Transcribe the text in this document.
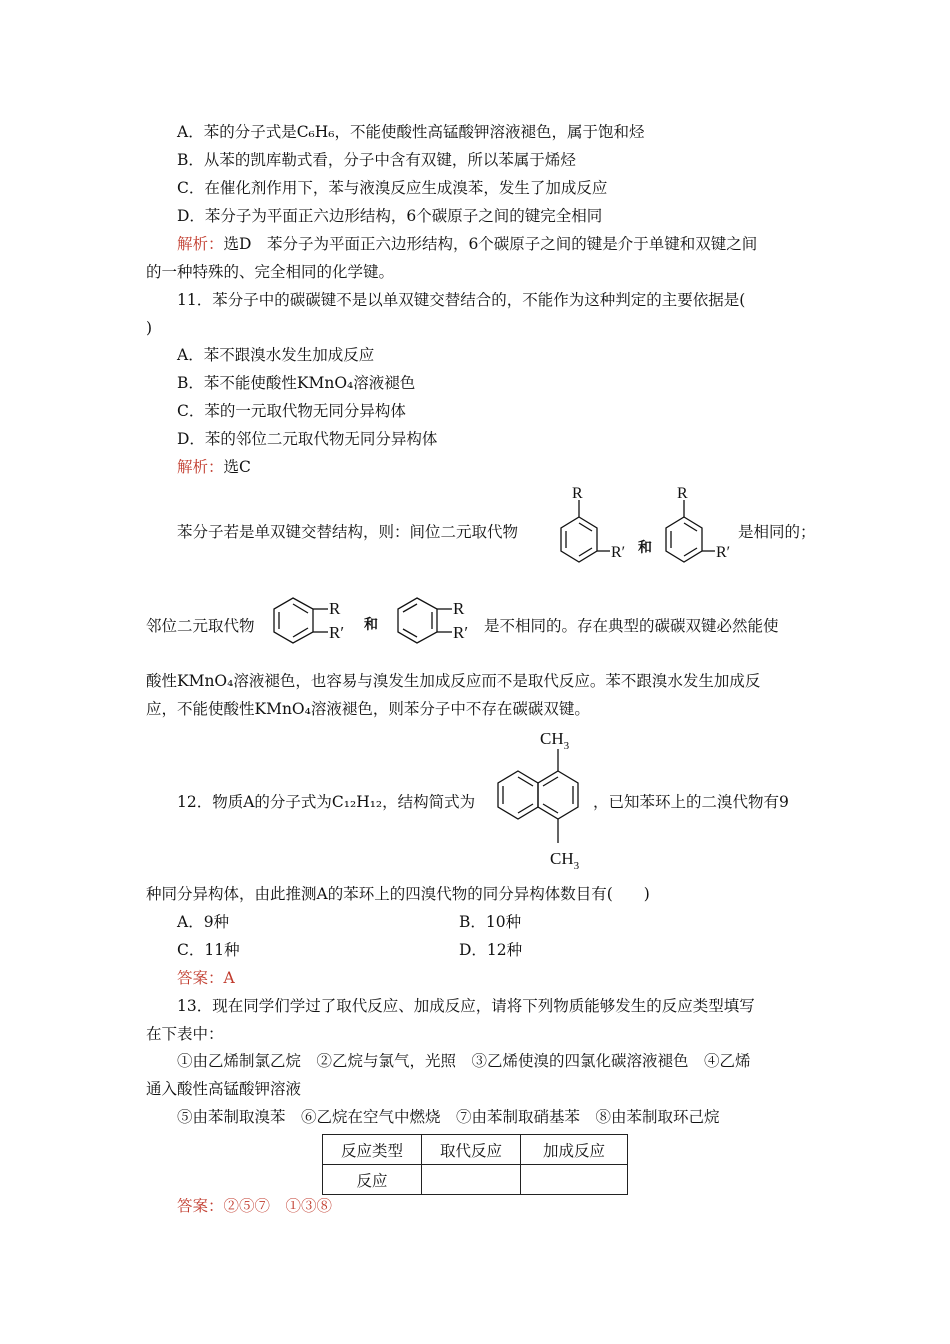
A．苯的分子式是C₆H₆，不能使酸性高锰酸钾溶液褪色，属于饱和烃
B．从苯的凯库勒式看，分子中含有双键，所以苯属于烯烃
C．在催化剂作用下，苯与液溴反应生成溴苯，发生了加成反应
D．苯分子为平面正六边形结构，6个碳原子之间的键完全相同
解析：选D　苯分子为平面正六边形结构，6个碳原子之间的键是介于单键和双键之间
的一种特殊的、完全相同的化学键。
11．苯分子中的碳碳键不是以单双键交替结合的，不能作为这种判定的主要依据是(
)
A．苯不跟溴水发生加成反应
B．苯不能使酸性KMnO₄溶液褪色
C．苯的一元取代物无同分异构体
D．苯的邻位二元取代物无同分异构体
解析：选C
苯分子若是单双键交替结构，则：间位二元取代物
R
R′ 和
R
R′
是相同的；
邻位二元取代物
R
R′ 和
R
R′ 是不相同的。存在典型的碳碳双键必然能使
酸性KMnO₄溶液褪色，也容易与溴发生加成反应而不是取代反应。苯不跟溴水发生加成反
应，不能使酸性KMnO₄溶液褪色，则苯分子中不存在碳碳双键。
12．物质A的分子式为C₁₂H₁₂，结构简式为
$CH_3$
$CH_3$
，已知苯环上的二溴代物有9
种同分异构体，由此推测A的苯环上的四溴代物的同分异构体数目有(　　)
A．9种	B．10种
C．11种	D．12种
答案：A
13．现在同学们学过了取代反应、加成反应，请将下列物质能够发生的反应类型填写
在下表中：
①由乙烯制氯乙烷　②乙烷与氯气，光照　③乙烯使溴的四氯化碳溶液褪色　④乙烯
通入酸性高锰酸钾溶液
⑤由苯制取溴苯　⑥乙烷在空气中燃烧　⑦由苯制取硝基苯　⑧由苯制取环己烷
反应类型	取代反应	加成反应
反应		
答案：②⑤⑦　①③⑧
